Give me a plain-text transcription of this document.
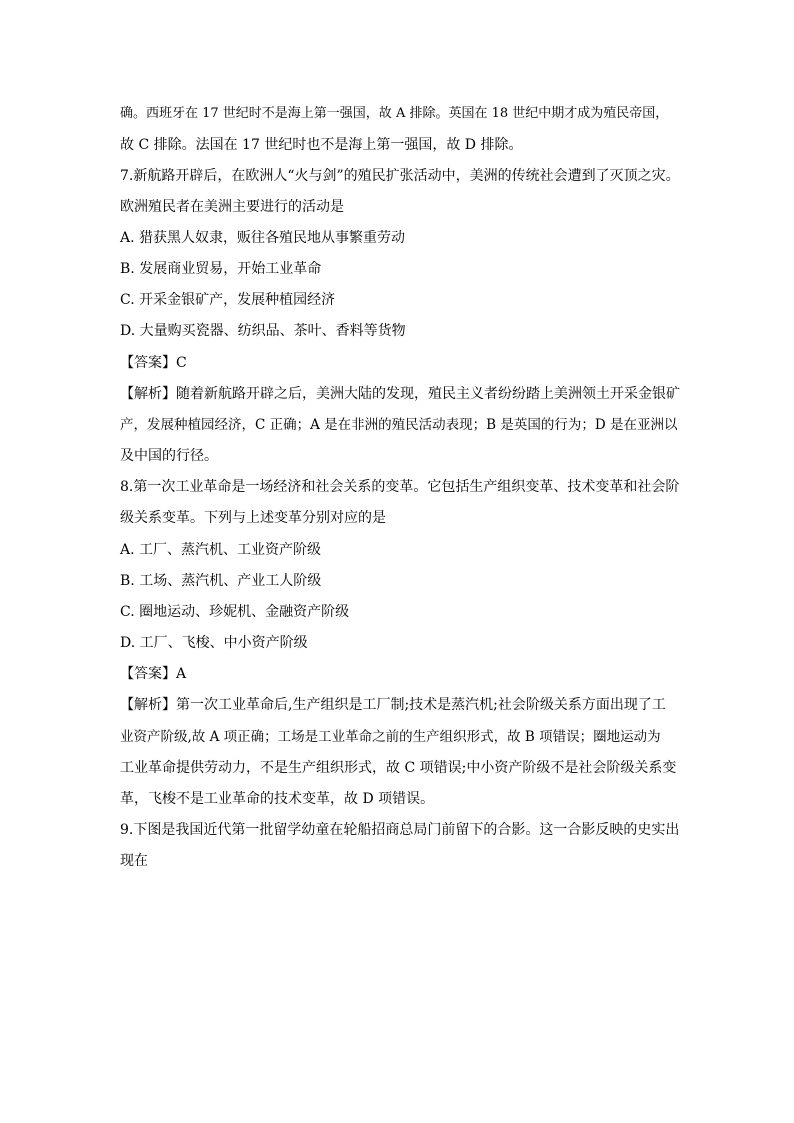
确。西班牙在 17 世纪时不是海上第一强国，故 A 排除。英国在 18 世纪中期才成为殖民帝国，
故 C 排除。法国在 17 世纪时也不是海上第一强国，故 D 排除。
7.新航路开辟后，在欧洲人“火与剑”的殖民扩张活动中，美洲的传统社会遭到了灭顶之灾。
欧洲殖民者在美洲主要进行的活动是
A. 猎获黑人奴隶，贩往各殖民地从事繁重劳动
B. 发展商业贸易，开始工业革命
C. 开采金银矿产，发展种植园经济
D. 大量购买瓷器、纺织品、茶叶、香料等货物
【答案】C
【解析】随着新航路开辟之后，美洲大陆的发现，殖民主义者纷纷踏上美洲领土开采金银矿
产，发展种植园经济，C 正确；A 是在非洲的殖民活动表现；B 是英国的行为；D 是在亚洲以
及中国的行径。
8.第一次工业革命是一场经济和社会关系的变革。它包括生产组织变革、技术变革和社会阶
级关系变革。下列与上述变革分别对应的是
A. 工厂、蒸汽机、工业资产阶级
B. 工场、蒸汽机、产业工人阶级
C. 圈地运动、珍妮机、金融资产阶级
D. 工厂、飞梭、中小资产阶级
【答案】A
【解析】第一次工业革命后,生产组织是工厂制;技术是蒸汽机;社会阶级关系方面出现了工
业资产阶级,故 A 项正确；工场是工业革命之前的生产组织形式，故 B 项错误；圈地运动为
工业革命提供劳动力，不是生产组织形式，故 C 项错误;中小资产阶级不是社会阶级关系变
革，飞梭不是工业革命的技术变革，故 D 项错误。
9.下图是我国近代第一批留学幼童在轮船招商总局门前留下的合影。这一合影反映的史实出
现在
